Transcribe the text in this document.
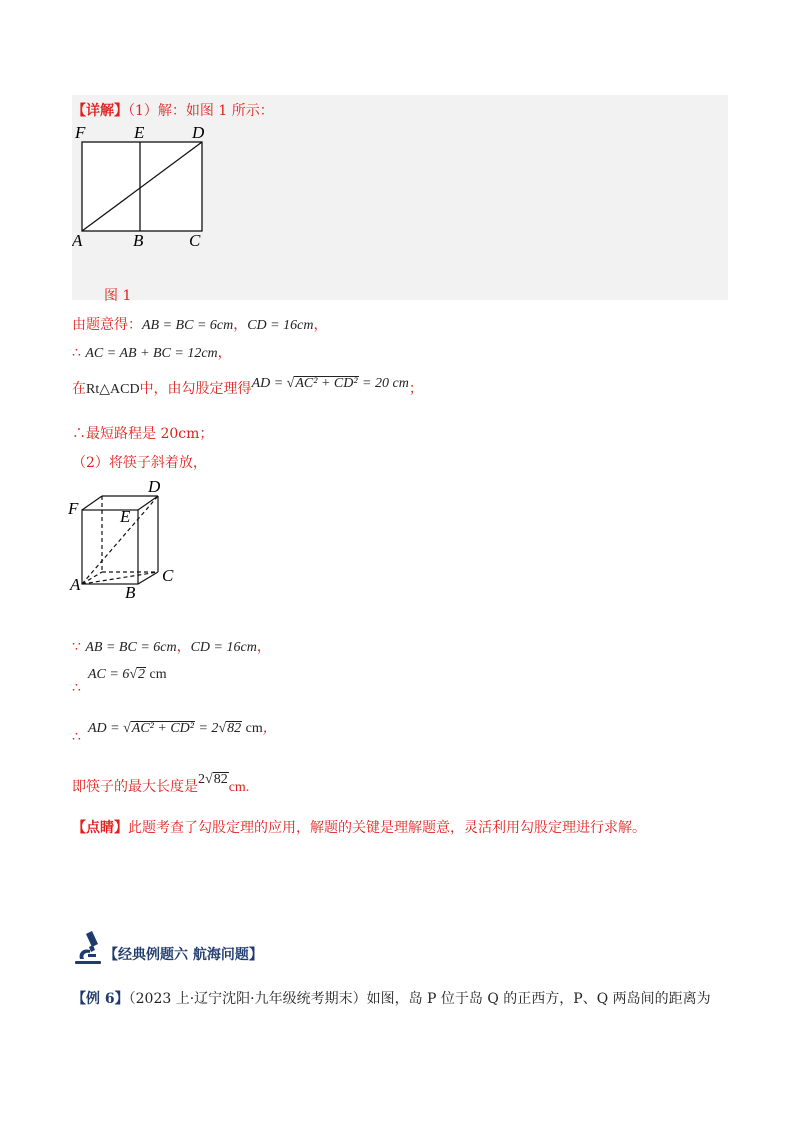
【详解】（1）解：如图 1 所示：
F	E	D
A	B	C
图 1
由题意得：AB = BC = 6cm，CD = 16cm，
∴ AC = AB + BC = 12cm，
在Rt△ACD中，由勾股定理得AD = √AC² + CD² = 20 cm；
∴最短路程是 20cm；
（2）将筷子斜着放，
F E
D
A	B
C
∵ AB = BC = 6cm，CD = 16cm，
∴
AC = 6√2 cm
∴
AD = √AC² + CD² = 2√82 cm，
即筷子的最大长度是2√82cm.
【点睛】此题考查了勾股定理的应用，解题的关键是理解题意，灵活利用勾股定理进行求解。
【经典例题六 航海问题】
【例 6】（2023 上·辽宁沈阳·九年级统考期末）如图，岛 P 位于岛 Q 的正西方，P、Q 两岛间的距离为
